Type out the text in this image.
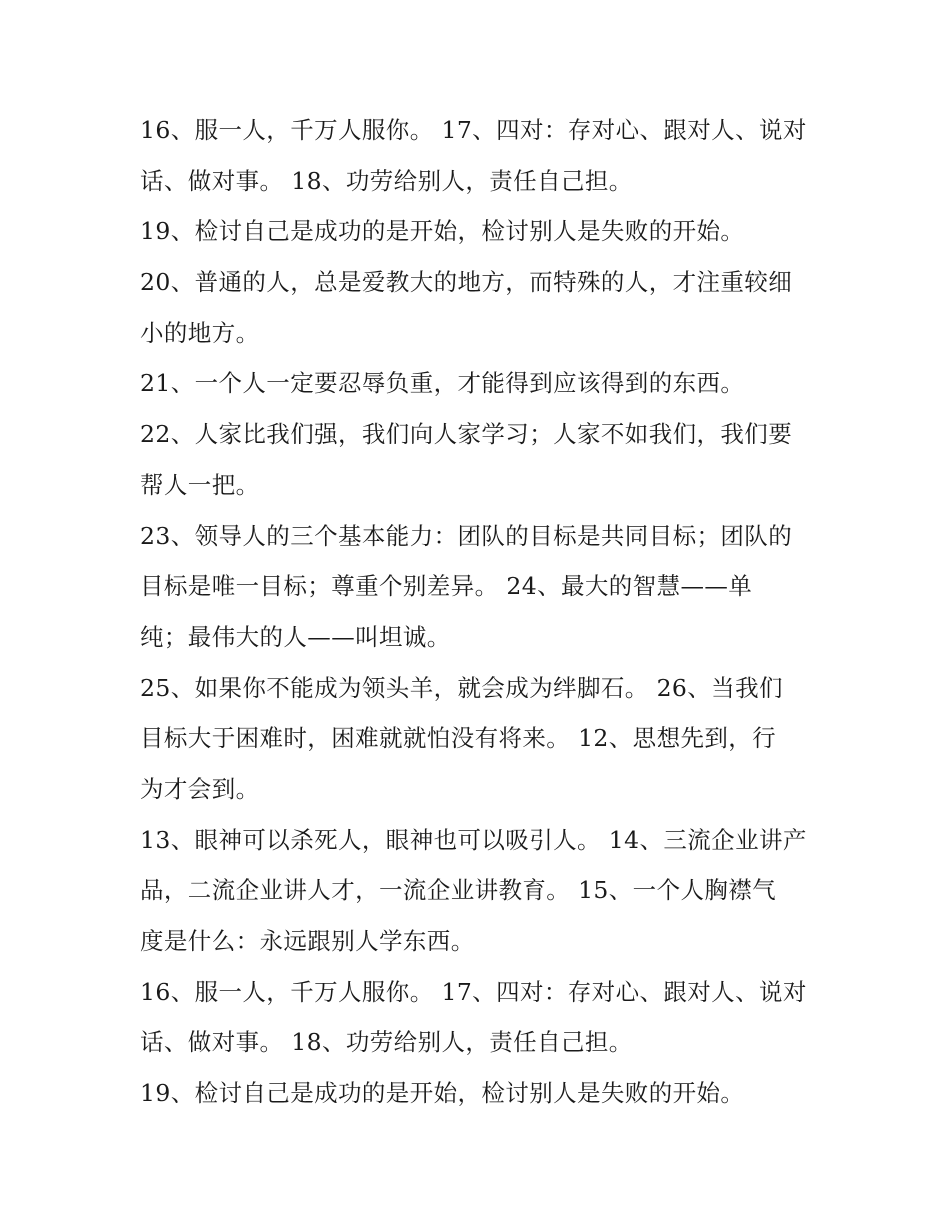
16、服一人，千万人服你。 17、四对：存对心、跟对人、说对
话、做对事。 18、功劳给别人，责任自己担。
19、检讨自己是成功的是开始，检讨别人是失败的开始。
20、普通的人，总是爱教大的地方，而特殊的人，才注重较细
小的地方。
21、一个人一定要忍辱负重，才能得到应该得到的东西。
22、人家比我们强，我们向人家学习；人家不如我们，我们要
帮人一把。
23、领导人的三个基本能力：团队的目标是共同目标；团队的
目标是唯一目标；尊重个别差异。 24、最大的智慧——单
纯；最伟大的人——叫坦诚。
25、如果你不能成为领头羊，就会成为绊脚石。 26、当我们
目标大于困难时，困难就就怕没有将来。 12、思想先到，行
为才会到。
13、眼神可以杀死人，眼神也可以吸引人。 14、三流企业讲产
品，二流企业讲人才，一流企业讲教育。 15、一个人胸襟气
度是什么：永远跟别人学东西。
16、服一人，千万人服你。 17、四对：存对心、跟对人、说对
话、做对事。 18、功劳给别人，责任自己担。
19、检讨自己是成功的是开始，检讨别人是失败的开始。
